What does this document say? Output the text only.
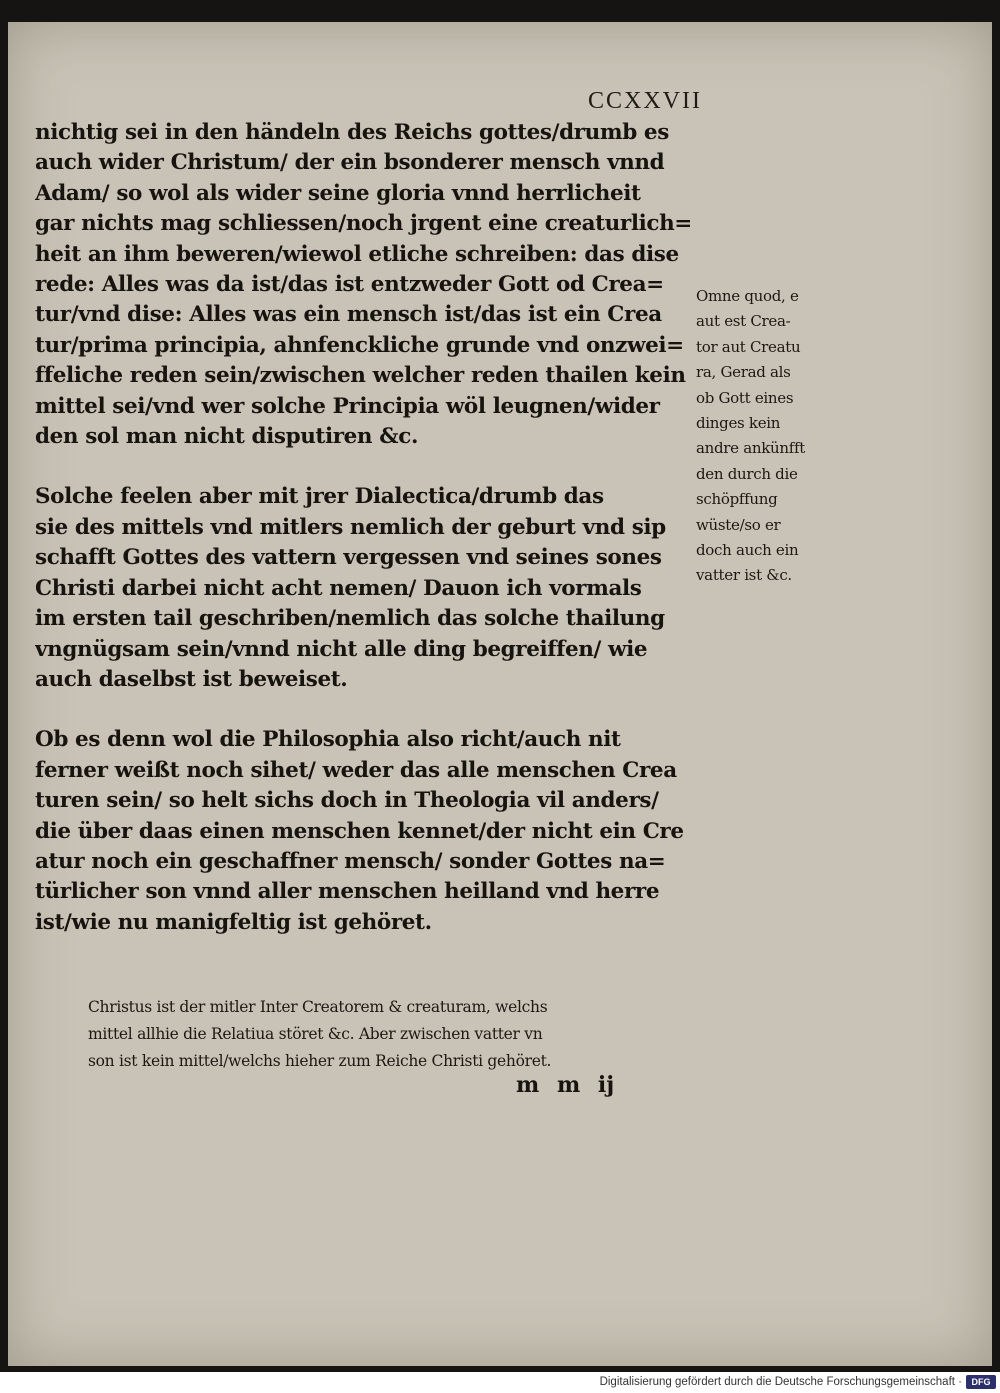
CCXXVII
nichtig sei in den händeln des Reichs gottes/drumb es
auch wider Christum/ der ein bsonderer mensch vnnd
Adam/ so wol als wider seine gloria vnnd herrlicheit
gar nichts mag schliessen/noch jrgent eine creaturlich=
heit an ihm beweren/wiewol etliche schreiben: das dise
rede: Alles was da ist/das ist entzweder Gott od Crea=
tur/vnd dise: Alles was ein mensch ist/das ist ein Crea
tur/prima principia, ahnfenckliche grunde vnd onzwei=
ffeliche reden sein/zwischen welcher reden thailen kein
mittel sei/vnd wer solche Principia wöl leugnen/wider
den sol man nicht disputiren &c.
Solche feelen aber mit jrer Dialectica/drumb das
sie des mittels vnd mitlers nemlich der geburt vnd sip
schafft Gottes des vattern vergessen vnd seines sones
Christi darbei nicht acht nemen/ Dauon ich vormals
im ersten tail geschriben/nemlich das solche thailung
vngnügsam sein/vnnd nicht alle ding begreiffen/ wie
auch daselbst ist beweiset.
Ob es denn wol die Philosophia also richt/auch nit
ferner weißt noch sihet/ weder das alle menschen Crea
turen sein/ so helt sichs doch in Theologia vil anders/
die über daas einen menschen kennet/der nicht ein Cre
atur noch ein geschaffner mensch/ sonder Gottes na=
türlicher son vnnd aller menschen heilland vnd herre
ist/wie nu manigfeltig ist gehöret.
Omne quod, e
aut est Crea-
tor aut Creatu
ra, Gerad als
ob Gott eines
dinges kein
andre ankünfft
den durch die
schöpffung
wüste/so er
doch auch ein
vatter ist &c.
Christus ist der mitler Inter Creatorem & creaturam, welchs
mittel allhie die Relatiua störet &c. Aber zwischen vatter vn
son ist kein mittel/welchs hieher zum Reiche Christi gehöret.
m m ij
Digitalisierung gefördert durch die Deutsche Forschungsgemeinschaft ·	DFG
